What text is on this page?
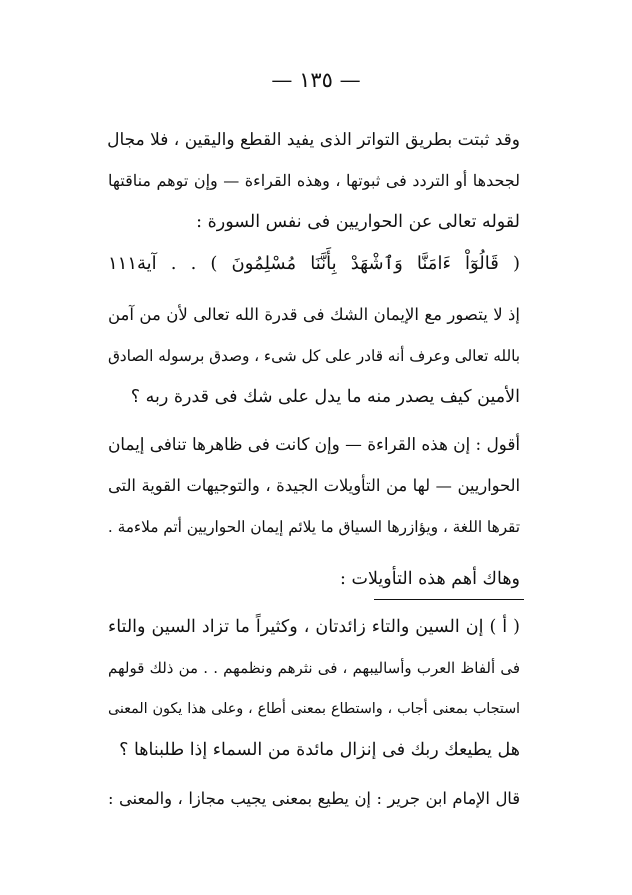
— ١٣٥ —
وقد ثبتت بطريق التواتر الذى يفيد القطع واليقين ، فلا مجال
لجحدها أو التردد فى ثبوتها ، وهذه القراءة — وإن توهم مناقتها
لقوله تعالى عن الحواريين فى نفس السورة :
( قَالُوٓاْ ءَامَنَّا وَٱشْهَدْ بِأَنَّنَا مُسْلِمُونَ ) . . آية١١١
إذ لا يتصور مع الإيمان الشك فى قدرة الله تعالى لأن من آمن
بالله تعالى وعرف أنه قادر على كل شىء ، وصدق برسوله الصادق
الأمين كيف يصدر منه ما يدل على شك فى قدرة ربه ؟
أقول : إن هذه القراءة — وإن كانت فى ظاهرها تنافى إيمان
الحواريين — لها من التأويلات الجيدة ، والتوجيهات القوية التى
تقرها اللغة ، ويؤازرها السياق ما يلائم إيمان الحواريين أتم ملاءمة .
وهاك أهم هذه التأويلات :
( أ ) إن السين والتاء زائدتان ، وكثيراً ما تزاد السين والتاء
فى ألفاظ العرب وأساليبهم ، فى نثرهم ونظمهم . . من ذلك قولهم
استجاب بمعنى أجاب ، واستطاع بمعنى أطاع ، وعلى هذا يكون المعنى
هل يطيعك ربك فى إنزال مائدة من السماء إذا طلبناها ؟
قال الإمام ابن جرير : إن يطيع بمعنى يجيب مجازا ، والمعنى :
